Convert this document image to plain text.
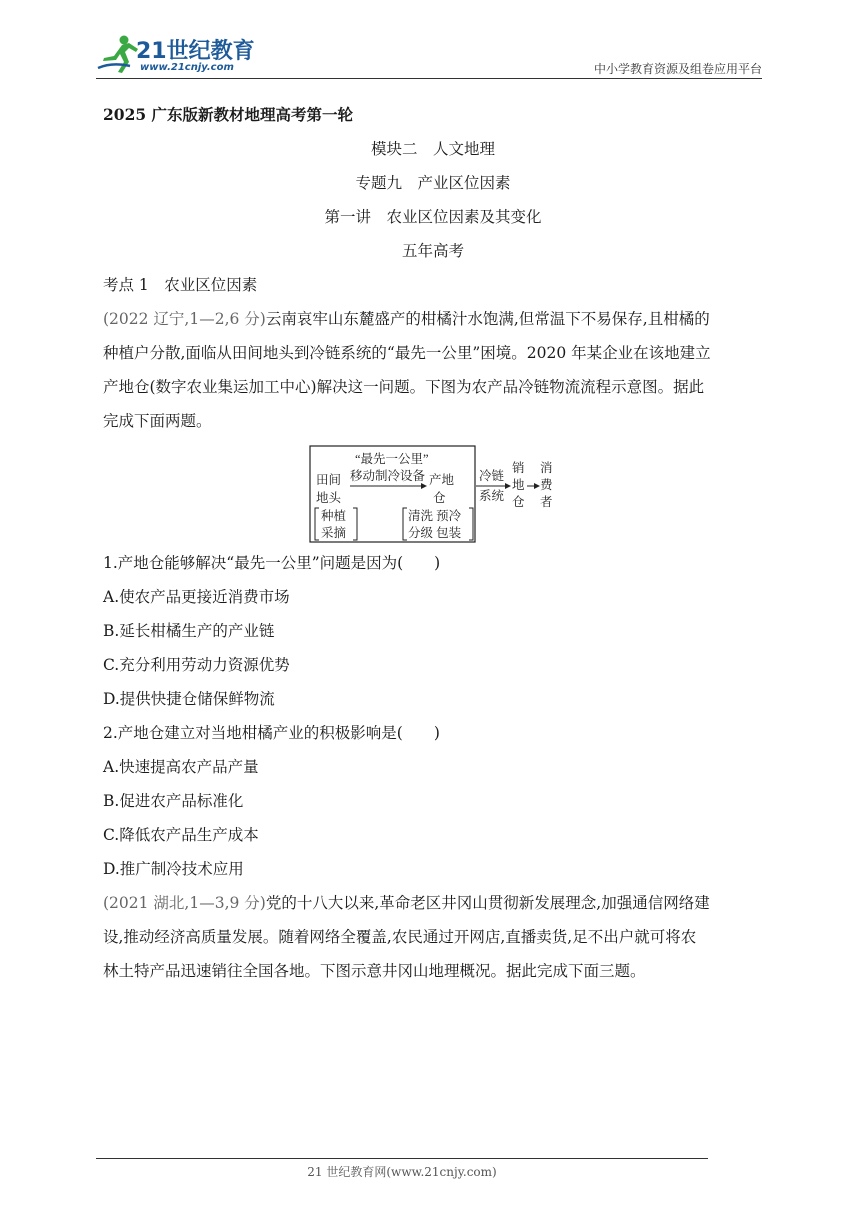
21世纪教育
www.21cnjy.com	中小学教育资源及组卷应用平台
2025 广东版新教材地理高考第一轮
模块二　人文地理
专题九　产业区位因素
第一讲　农业区位因素及其变化
五年高考
考点 1　农业区位因素
(2022 辽宁,1—2,6 分)云南哀牢山东麓盛产的柑橘汁水饱满,但常温下不易保存,且柑橘的
种植户分散,面临从田间地头到冷链系统的“最先一公里”困境。2020 年某企业在该地建立
产地仓(数字农业集运加工中心)解决这一问题。下图为农产品冷链物流流程示意图。据此
完成下面两题。
“最先一公里”
田间
地头
移动制冷设备 产地
仓
种植
采摘
清洗 预冷
分级 包装
冷链
系统
销
地
仓
消
费
者
1.产地仓能够解决“最先一公里”问题是因为(　　)
A.使农产品更接近消费市场
B.延长柑橘生产的产业链
C.充分利用劳动力资源优势
D.提供快捷仓储保鲜物流
2.产地仓建立对当地柑橘产业的积极影响是(　　)
A.快速提高农产品产量
B.促进农产品标准化
C.降低农产品生产成本
D.推广制冷技术应用
(2021 湖北,1—3,9 分)党的十八大以来,革命老区井冈山贯彻新发展理念,加强通信网络建
设,推动经济高质量发展。随着网络全覆盖,农民通过开网店,直播卖货,足不出户就可将农
林土特产品迅速销往全国各地。下图示意井冈山地理概况。据此完成下面三题。
21 世纪教育网(www.21cnjy.com)
